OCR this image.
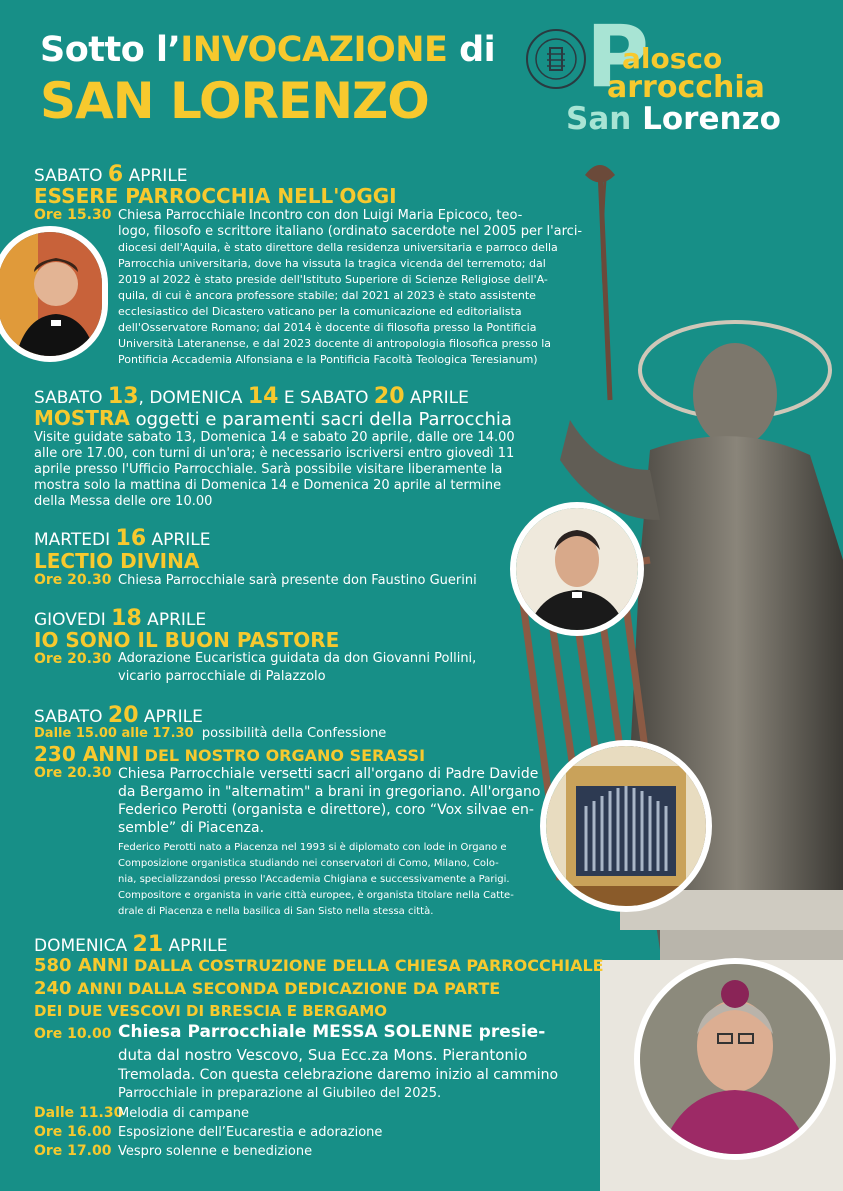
Sotto l’INVOCAZIONE di
SAN LORENZO P
alosco
arrocchia
San Lorenzo
SABATO 6 APRILE
ESSERE PARROCCHIA NELL'OGGI
Ore 15.30 Chiesa Parrocchiale Incontro con don Luigi Maria Epicoco, teo-
logo, filosofo e scrittore italiano (ordinato sacerdote nel 2005 per l'arci-
diocesi dell'Aquila, è stato direttore della residenza universitaria e parroco della
Parrocchia universitaria, dove ha vissuta la tragica vicenda del terremoto; dal
2019 al 2022 è stato preside dell'Istituto Superiore di Scienze Religiose dell'A-
quila, di cui è ancora professore stabile; dal 2021 al 2023 è stato assistente
ecclesiastico del Dicastero vaticano per la comunicazione ed editorialista
dell'Osservatore Romano; dal 2014 è docente di filosofia presso la Pontificia
Università Lateranense, e dal 2023 docente di antropologia filosofica presso la
Pontificia Accademia Alfonsiana e la Pontificia Facoltà Teologica Teresianum)
SABATO 13, DOMENICA 14 E SABATO 20 APRILE
MOSTRA oggetti e paramenti sacri della Parrocchia
Visite guidate sabato 13, Domenica 14 e sabato 20 aprile, dalle ore 14.00
alle ore 17.00, con turni di un'ora; è necessario iscriversi entro giovedì 11
aprile presso l'Ufficio Parrocchiale. Sarà possibile visitare liberamente la
mostra solo la mattina di Domenica 14 e Domenica 20 aprile al termine
della Messa delle ore 10.00
MARTEDI 16 APRILE
LECTIO DIVINA
Ore 20.30 Chiesa Parrocchiale sarà presente don Faustino Guerini
GIOVEDI 18 APRILE
IO SONO IL BUON PASTORE
Ore 20.30 Adorazione Eucaristica guidata da don Giovanni Pollini,
vicario parrocchiale di Palazzolo
SABATO 20 APRILE
Dalle 15.00 alle 17.30 possibilità della Confessione
230 ANNI DEL NOSTRO ORGANO SERASSI
Ore 20.30 Chiesa Parrocchiale versetti sacri all'organo di Padre Davide
da Bergamo in "alternatim" a brani in gregoriano. All'organo
Federico Perotti (organista e direttore), coro “Vox silvae en-
semble” di Piacenza.
Federico Perotti nato a Piacenza nel 1993 si è diplomato con lode in Organo e
Composizione organistica studiando nei conservatori di Como, Milano, Colo-
nia, specializzandosi presso l'Accademia Chigiana e successivamente a Parigi.
Compositore e organista in varie città europee, è organista titolare nella Catte-
drale di Piacenza e nella basilica di San Sisto nella stessa città.
DOMENICA 21 APRILE
580 ANNI DALLA COSTRUZIONE DELLA CHIESA PARROCCHIALE
240 ANNI DALLA SECONDA DEDICAZIONE DA PARTE
DEI DUE VESCOVI DI BRESCIA E BERGAMO
Ore 10.00 Chiesa Parrocchiale MESSA SOLENNE presie-
duta dal nostro Vescovo, Sua Ecc.za Mons. Pierantonio
Tremolada. Con questa celebrazione daremo inizio al cammino
Parrocchiale in preparazione al Giubileo del 2025.
Dalle 11.30
Melodia di campane
Ore 16.00 Esposizione dell’Eucarestia e adorazione
Ore 17.00 Vespro solenne e benedizione
